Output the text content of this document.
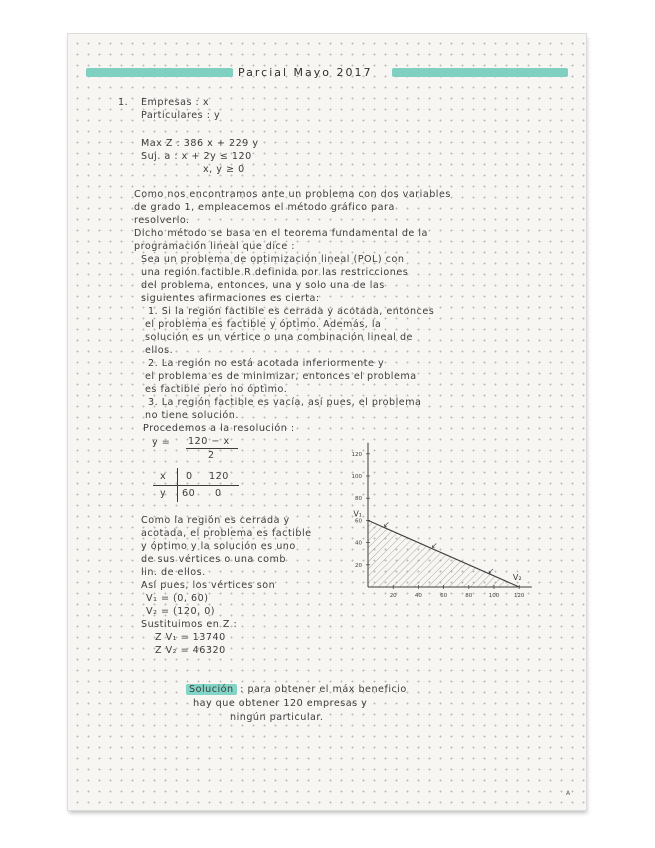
Parcial Mayo 2017
1. Empresas : x
Particulares : y
Max Z : 386 x + 229 y
Suj. a : x + 2y ≤ 120
x, y ≥ 0
Como nos encontramos ante un problema con dos variables
de grado 1, empleacemos el método gráfico para
resolverlo.
Dicho método se basa en el teorema fundamental de la
programación lineal que dice :
Sea un problema de optimización lineal (POL) con
una región factible R definida por las restricciones
del problema, entonces, una y solo una de las
siguientes afirmaciones es cierta:
1. Si la región factible es cerrada y acotada, entonces
el problema es factible y óptimo. Además, la
solución es un vértice o una combinación lineal de
ellos.
2. La región no está acotada inferiormente y
el problema es de minimizar, entonces el problema
es factible pero no óptimo.
3. La región factible es vacía, así pues, el problema
no tiene solución.
Procedemos a la resolución :
y = 120 − x
2
x 0 120
y 60 0
Como la región es cerrada y
acotada, el problema es factible
y óptimo y la solución es uno
de sus vértices o una comb
lin. de ellos.
Así pues, los vértices son
V₁ = (0, 60)
V₂ = (120, 0)
Sustituimos en Z :
Z V₁ = 13740
Z V₂ = 46320
Solución : para obtener el máx beneficio
hay que obtener 120 empresas y
ningún particular.
20	40	60	80	100	120
20
40
60
80
100
120
V₁
V₂
↙
↙
↙
A
